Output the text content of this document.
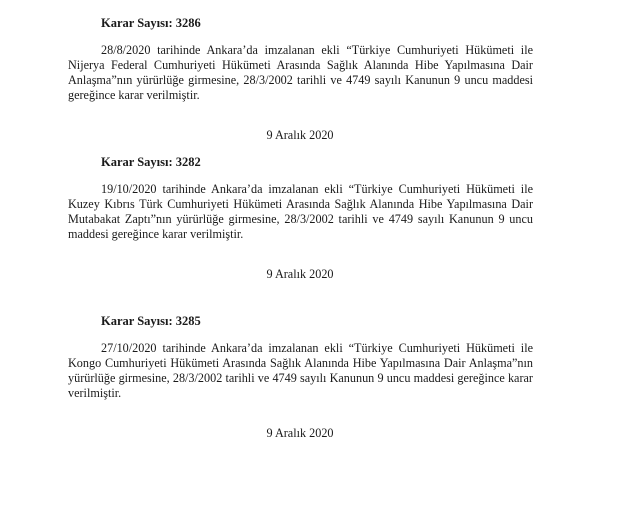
Karar Sayısı: 3286
28/8/2020 tarihinde Ankara’da imzalanan ekli “Türkiye Cumhuriyeti Hükümeti ile
Nijerya Federal Cumhuriyeti Hükümeti Arasında Sağlık Alanında Hibe Yapılmasına Dair
Anlaşma”nın yürürlüğe girmesine, 28/3/2002 tarihli ve 4749 sayılı Kanunun 9 uncu maddesi
gereğince karar verilmiştir.
9 Aralık 2020
Karar Sayısı: 3282
19/10/2020 tarihinde Ankara’da imzalanan ekli “Türkiye Cumhuriyeti Hükümeti ile
Kuzey Kıbrıs Türk Cumhuriyeti Hükümeti Arasında Sağlık Alanında Hibe Yapılmasına Dair
Mutabakat Zaptı”nın yürürlüğe girmesine, 28/3/2002 tarihli ve 4749 sayılı Kanunun 9 uncu
maddesi gereğince karar verilmiştir.
9 Aralık 2020
Karar Sayısı: 3285
27/10/2020 tarihinde Ankara’da imzalanan ekli “Türkiye Cumhuriyeti Hükümeti ile
Kongo Cumhuriyeti Hükümeti Arasında Sağlık Alanında Hibe Yapılmasına Dair Anlaşma”nın
yürürlüğe girmesine, 28/3/2002 tarihli ve 4749 sayılı Kanunun 9 uncu maddesi gereğince karar
verilmiştir.
9 Aralık 2020
